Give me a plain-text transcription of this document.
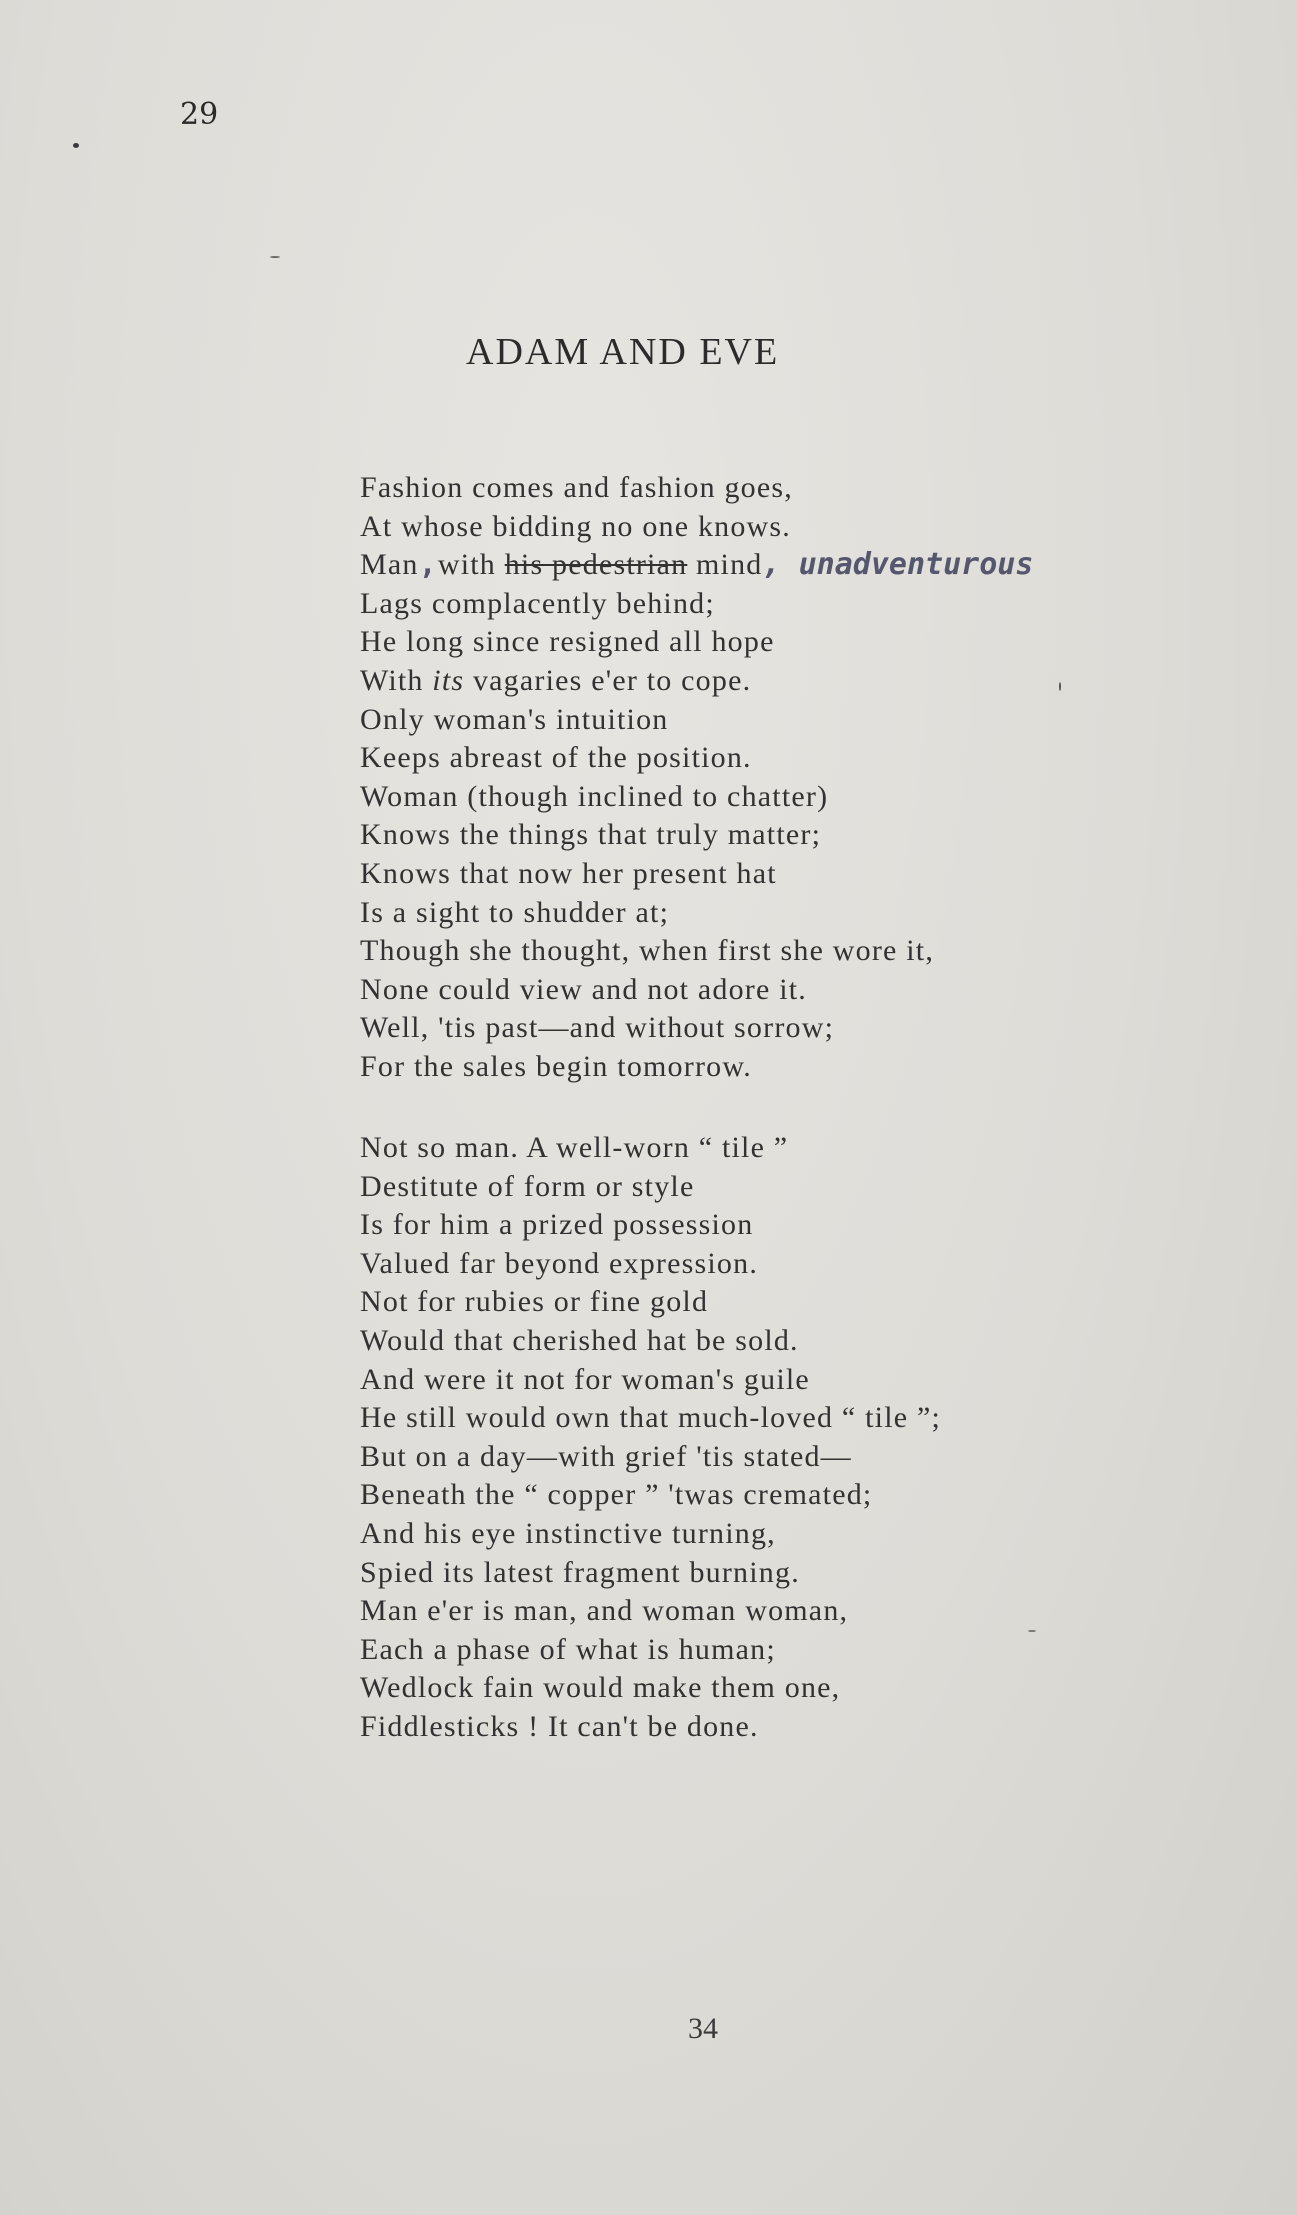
29
ADAM AND EVE
Fashion comes and fashion goes,
At whose bidding no one knows.
Man,with his pedestrian mind, unadventurous
Lags complacently behind;
He long since resigned all hope
With its vagaries e'er to cope.
Only woman's intuition
Keeps abreast of the position.
Woman (though inclined to chatter)
Knows the things that truly matter;
Knows that now her present hat
Is a sight to shudder at;
Though she thought, when first she wore it,
None could view and not adore it.
Well, 'tis past—and without sorrow;
For the sales begin tomorrow.
Not so man. A well-worn “ tile ”
Destitute of form or style
Is for him a prized possession
Valued far beyond expression.
Not for rubies or fine gold
Would that cherished hat be sold.
And were it not for woman's guile
He still would own that much-loved “ tile ”;
But on a day—with grief 'tis stated—
Beneath the “ copper ” 'twas cremated;
And his eye instinctive turning,
Spied its latest fragment burning.
Man e'er is man, and woman woman,
Each a phase of what is human;
Wedlock fain would make them one,
Fiddlesticks ! It can't be done.
34
